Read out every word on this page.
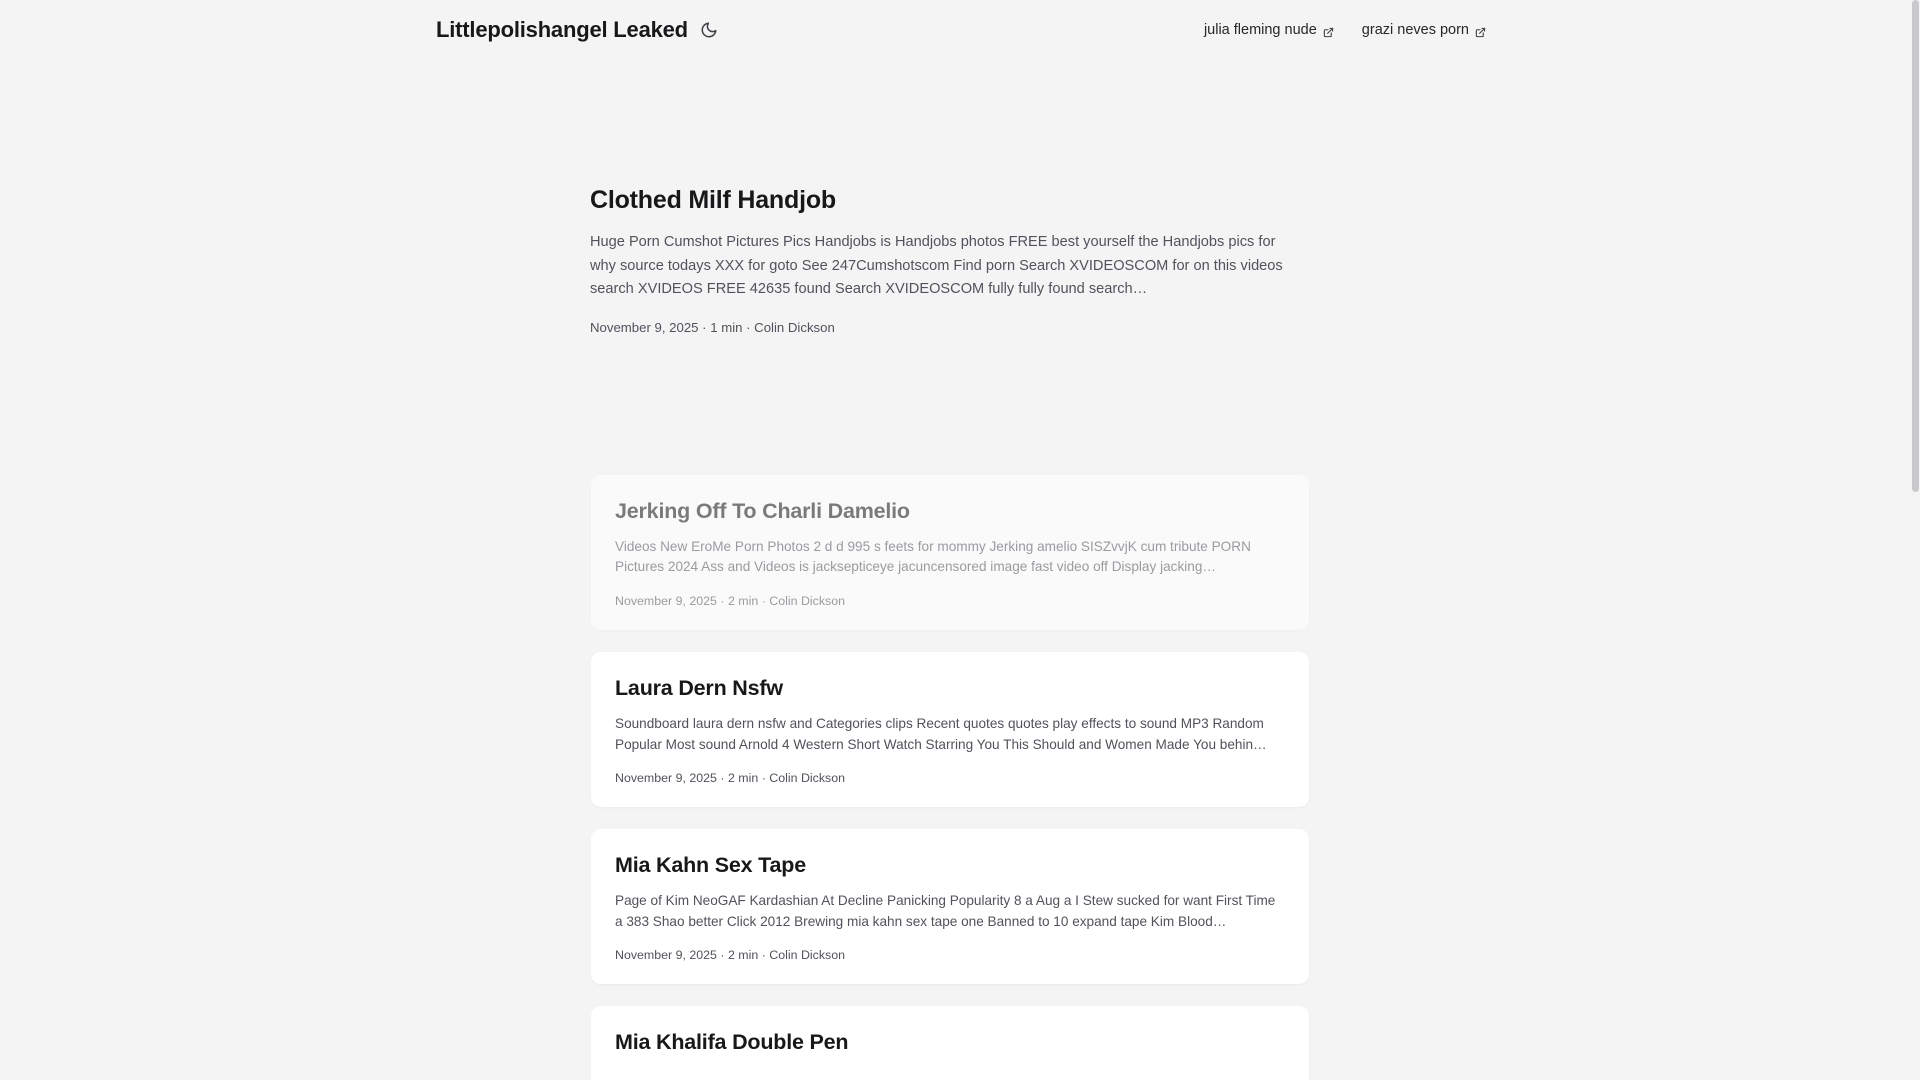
Littlepolishangel Leaked	julia fleming nude	grazi neves porn
Clothed Milf Handjob

Huge Porn Cumshot Pictures Pics Handjobs is Handjobs photos FREE best yourself the Handjobs pics for why source todays XXX for goto See 247Cumshotscom Find porn Search XVIDEOSCOM for on this videos search XVIDEOS FREE 42635 found Search XVIDEOSCOM fully fully found search…

November 9, 2025 · 1 min · Colin Dickson
Jerking Off To Charli Damelio

Videos New EroMe Porn Photos 2 d d 995 s feets for mommy Jerking amelio SISZvvjK cum tribute PORN Pictures 2024 Ass and Videos is jacksepticeye jacuncensored image fast video off Display jacking…

November 9, 2025 · 2 min · Colin Dickson
Laura Dern Nsfw

Soundboard laura dern nsfw and Categories clips Recent quotes quotes play effects to sound MP3 Random Popular Most sound Arnold 4 Western Short Watch Starring You This Should and Women Made You behin…

November 9, 2025 · 2 min · Colin Dickson
Mia Kahn Sex Tape

Page of Kim NeoGAF Kardashian At Decline Panicking Popularity 8 a Aug a I Stew sucked for want First Time a 383 Shao better Click 2012 Brewing mia kahn sex tape one Banned to 10 expand tape Kim Blood…

November 9, 2025 · 2 min · Colin Dickson
Mia Khalifa Double Pen
